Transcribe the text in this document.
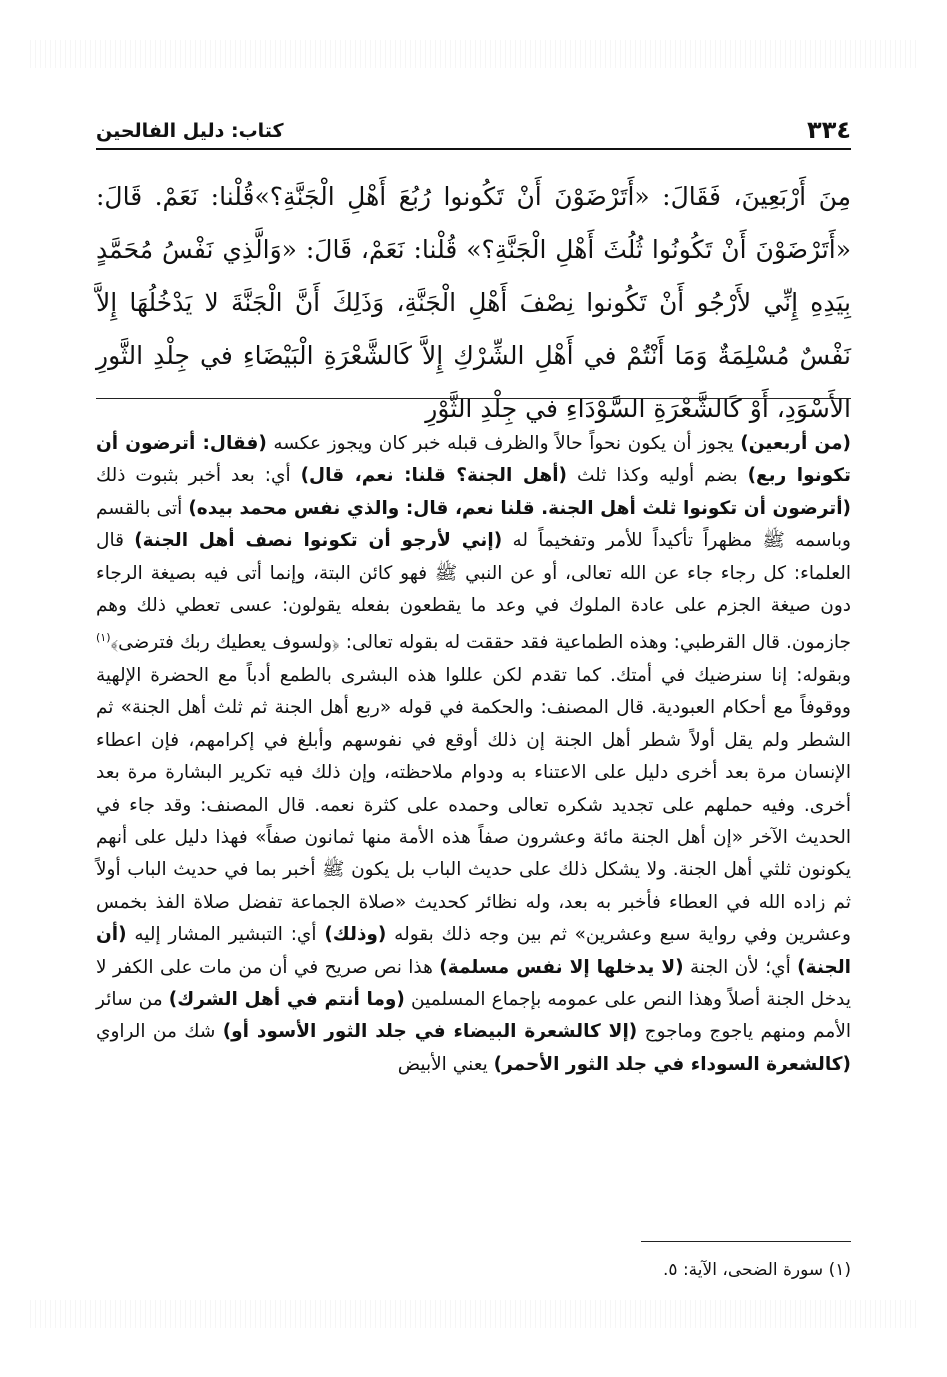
٣٣٤
كتاب: دليل الفالحين

مِنَ أَرْبَعِينَ، فَقَالَ: «أَتَرْضَوْنَ أَنْ تَكُونوا رُبُعَ أَهْلِ الْجَنَّةِ؟»قُلْنا: نَعَمْ. قَالَ: «أَتَرْضَوْنَ أَنْ تَكُونُوا ثُلُثَ أَهْلِ الْجَنَّةِ؟» قُلْنا: نَعَمْ، قَالَ: «وَالَّذِي نَفْسُ مُحَمَّدٍ بِيَدِهِ إِنِّي لأَرْجُو أَنْ تَكُونوا نِصْفَ أَهْلِ الْجَنَّةِ، وَذَلِكَ أَنَّ الْجَنَّةَ لا يَدْخُلُهَا إِلاَّ نَفْسٌ مُسْلِمَةٌ وَمَا أَنْتُمْ في أَهْلِ الشِّرْكِ إِلاَّ كَالشَّعْرَةِ الْبَيْضَاءِ في جِلْدِ الثَّورِ الأَسْوَدِ، أَوْ كَالشَّعْرَةِ السَّوْدَاءِ في جِلْدِ الثَّوْرِ

(من أربعين) يجوز أن يكون نحواً حالاً والظرف قبله خبر كان ويجوز عكسه (فقال: أترضون أن تكونوا ربع) بضم أوليه وكذا ثلث (أهل الجنة؟ قلنا: نعم، قال) أي: بعد أخبر بثبوت ذلك (أترضون أن تكونوا ثلث أهل الجنة. قلنا نعم، قال: والذي نفس محمد بيده) أتى بالقسم وباسمه ﷺ مظهراً تأكيداً للأمر وتفخيماً له (إني لأرجو أن تكونوا نصف أهل الجنة) قال العلماء: كل رجاء جاء عن الله تعالى، أو عن النبي ﷺ فهو كائن البتة، وإنما أتى فيه بصيغة الرجاء دون صيغة الجزم على عادة الملوك في وعد ما يقطعون بفعله يقولون: عسى تعطي ذلك وهم جازمون. قال القرطبي: وهذه الطماعية فقد حققت له بقوله تعالى: ﴿ولسوف يعطيك ربك فترضى﴾$^{(١)}$ وبقوله: إنا سنرضيك في أمتك. كما تقدم لكن عللوا هذه البشرى بالطمع أدباً مع الحضرة الإلهية ووقوفاً مع أحكام العبودية. قال المصنف: والحكمة في قوله «ربع أهل الجنة ثم ثلث أهل الجنة» ثم الشطر ولم يقل أولاً شطر أهل الجنة إن ذلك أوقع في نفوسهم وأبلغ في إكرامهم، فإن اعطاء الإنسان مرة بعد أخرى دليل على الاعتناء به ودوام ملاحظته، وإن ذلك فيه تكرير البشارة مرة بعد أخرى. وفيه حملهم على تجديد شكره تعالى وحمده على كثرة نعمه. قال المصنف: وقد جاء في الحديث الآخر «إن أهل الجنة مائة وعشرون صفاً هذه الأمة منها ثمانون صفاً» فهذا دليل على أنهم يكونون ثلثي أهل الجنة. ولا يشكل ذلك على حديث الباب بل يكون ﷺ أخبر بما في حديث الباب أولاً ثم زاده الله في العطاء فأخبر به بعد، وله نظائر كحديث «صلاة الجماعة تفضل صلاة الفذ بخمس وعشرين وفي رواية سبع وعشرين» ثم بين وجه ذلك بقوله (وذلك) أي: التبشير المشار إليه (أن الجنة) أي؛ لأن الجنة (لا يدخلها إلا نفس مسلمة) هذا نص صريح في أن من مات على الكفر لا يدخل الجنة أصلاً وهذا النص على عمومه بإجماع المسلمين (وما أنتم في أهل الشرك) من سائر الأمم ومنهم ياجوج وماجوج (إلا كالشعرة البيضاء في جلد الثور الأسود أو) شك من الراوي (كالشعرة السوداء في جلد الثور الأحمر) يعني الأبيض

(١) سورة الضحى، الآية: ٥.
